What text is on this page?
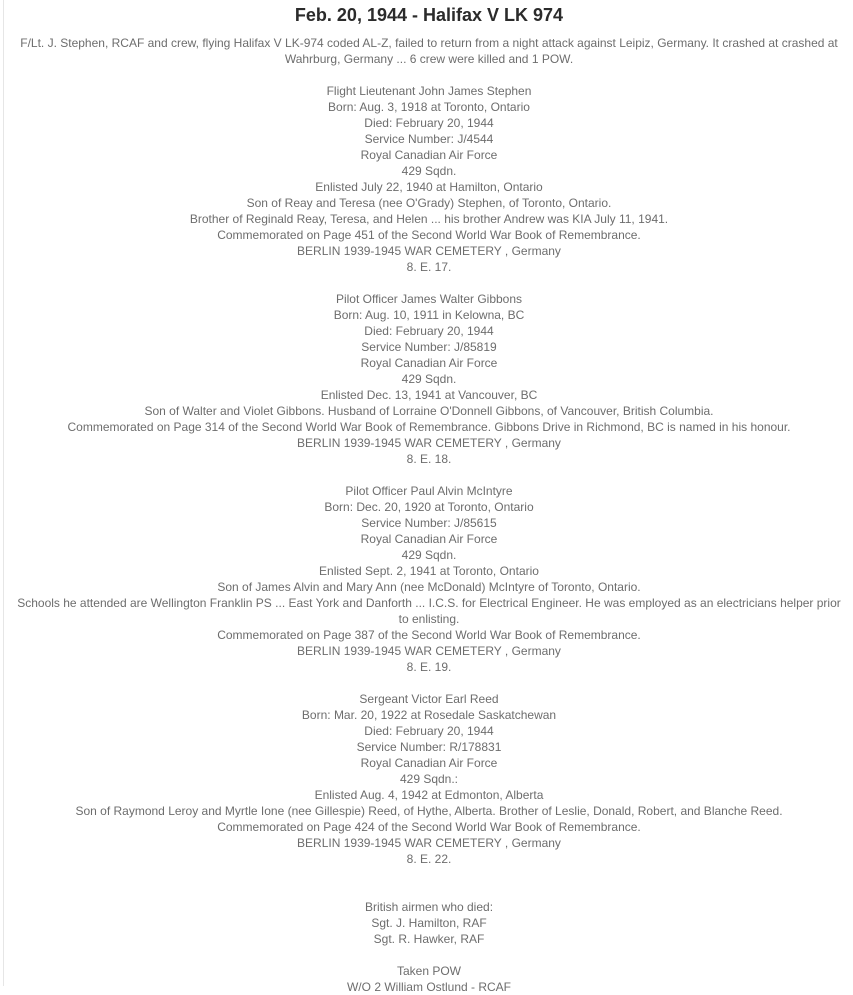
Feb. 20, 1944 - Halifax V LK 974

F/Lt. J. Stephen, RCAF and crew, flying Halifax V LK-974 coded AL-Z, failed to return from a night attack against Leipiz, Germany. It crashed at crashed at Wahrburg, Germany ... 6 crew were killed and 1 POW.

Flight Lieutenant John James Stephen

Born: Aug. 3, 1918 at Toronto, Ontario

Died: February 20, 1944

Service Number: J/4544

Royal Canadian Air Force

429 Sqdn.

Enlisted July 22, 1940 at Hamilton, Ontario

Son of Reay and Teresa (nee O'Grady) Stephen, of Toronto, Ontario.

Brother of Reginald Reay, Teresa, and Helen ... his brother Andrew was KIA July 11, 1941.

Commemorated on Page 451 of the Second World War Book of Remembrance.

BERLIN 1939-1945 WAR CEMETERY , Germany

8. E. 17.

Pilot Officer James Walter Gibbons

Born: Aug. 10, 1911 in Kelowna, BC

Died: February 20, 1944

Service Number: J/85819

Royal Canadian Air Force

429 Sqdn.

Enlisted Dec. 13, 1941 at Vancouver, BC

Son of Walter and Violet Gibbons. Husband of Lorraine O'Donnell Gibbons, of Vancouver, British Columbia.

Commemorated on Page 314 of the Second World War Book of Remembrance. Gibbons Drive in Richmond, BC is named in his honour.

BERLIN 1939-1945 WAR CEMETERY , Germany

8. E. 18.

Pilot Officer Paul Alvin McIntyre

Born: Dec. 20, 1920 at Toronto, Ontario

Service Number: J/85615

Royal Canadian Air Force

429 Sqdn.

Enlisted Sept. 2, 1941 at Toronto, Ontario

Son of James Alvin and Mary Ann (nee McDonald) McIntyre of Toronto, Ontario.

Schools he attended are Wellington Franklin PS ... East York and Danforth ... I.C.S. for Electrical Engineer. He was employed as an electricians helper prior to enlisting.

Commemorated on Page 387 of the Second World War Book of Remembrance.

BERLIN 1939-1945 WAR CEMETERY , Germany

8. E. 19.

Sergeant Victor Earl Reed

Born: Mar. 20, 1922 at Rosedale Saskatchewan

Died: February 20, 1944

Service Number: R/178831

Royal Canadian Air Force

429 Sqdn.:

Enlisted Aug. 4, 1942 at Edmonton, Alberta

Son of Raymond Leroy and Myrtle Ione (nee Gillespie) Reed, of Hythe, Alberta. Brother of Leslie, Donald, Robert, and Blanche Reed.

Commemorated on Page 424 of the Second World War Book of Remembrance.

BERLIN 1939-1945 WAR CEMETERY , Germany

8. E. 22.

British airmen who died:

Sgt. J. Hamilton, RAF

Sgt. R. Hawker, RAF

Taken POW

W/O 2 William Ostlund - RCAF
